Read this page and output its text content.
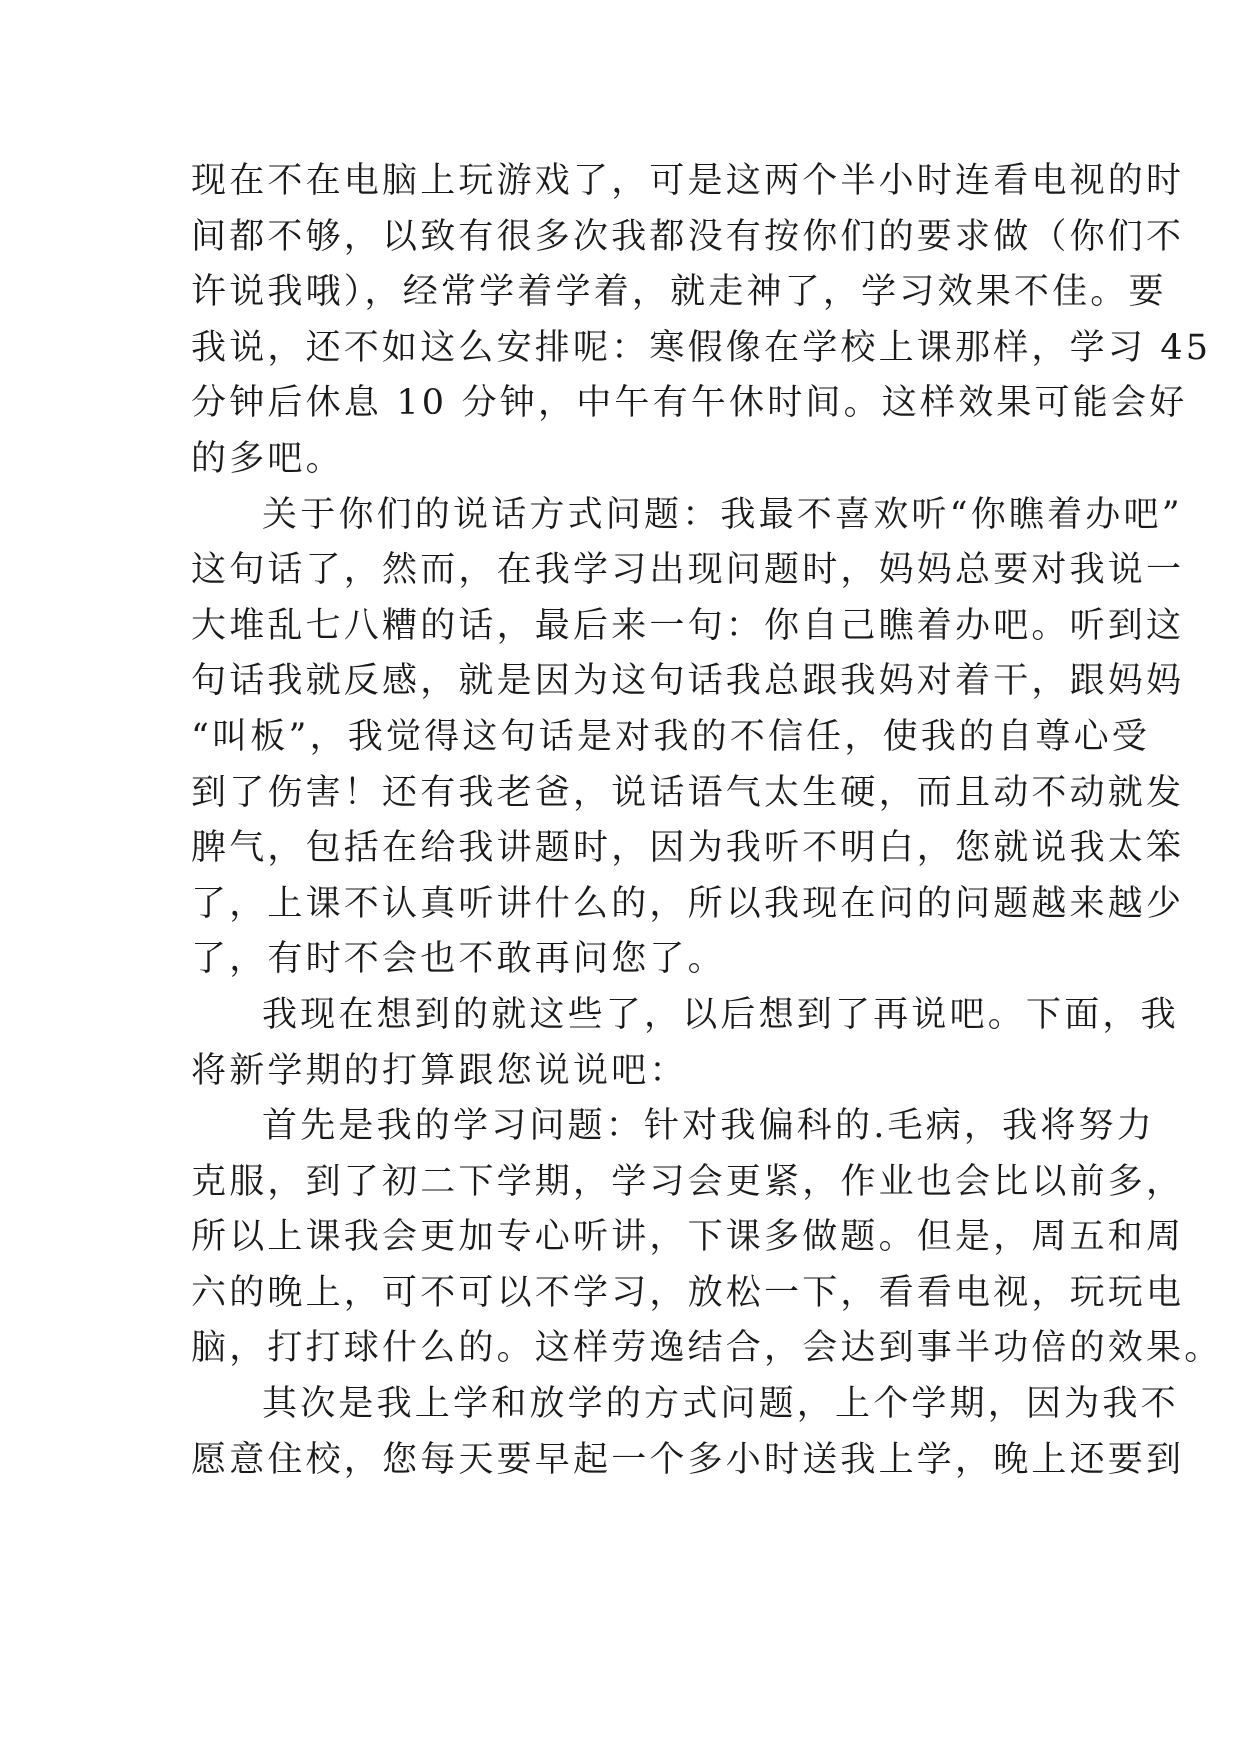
现在不在电脑上玩游戏了，可是这两个半小时连看电视的时
间都不够，以致有很多次我都没有按你们的要求做（你们不
许说我哦），经常学着学着，就走神了，学习效果不佳。要
我说，还不如这么安排呢：寒假像在学校上课那样，学习 45
分钟后休息 10 分钟，中午有午休时间。这样效果可能会好
的多吧。
关于你们的说话方式问题：我最不喜欢听“你瞧着办吧”
这句话了，然而，在我学习出现问题时，妈妈总要对我说一
大堆乱七八糟的话，最后来一句：你自己瞧着办吧。听到这
句话我就反感，就是因为这句话我总跟我妈对着干，跟妈妈
“叫板”，我觉得这句话是对我的不信任，使我的自尊心受
到了伤害！还有我老爸，说话语气太生硬，而且动不动就发
脾气，包括在给我讲题时，因为我听不明白，您就说我太笨
了，上课不认真听讲什么的，所以我现在问的问题越来越少
了，有时不会也不敢再问您了。
我现在想到的就这些了，以后想到了再说吧。下面，我
将新学期的打算跟您说说吧：
首先是我的学习问题：针对我偏科的.毛病，我将努力
克服，到了初二下学期，学习会更紧，作业也会比以前多，
所以上课我会更加专心听讲，下课多做题。但是，周五和周
六的晚上，可不可以不学习，放松一下，看看电视，玩玩电
脑，打打球什么的。这样劳逸结合，会达到事半功倍的效果。
其次是我上学和放学的方式问题，上个学期，因为我不
愿意住校，您每天要早起一个多小时送我上学，晚上还要到
